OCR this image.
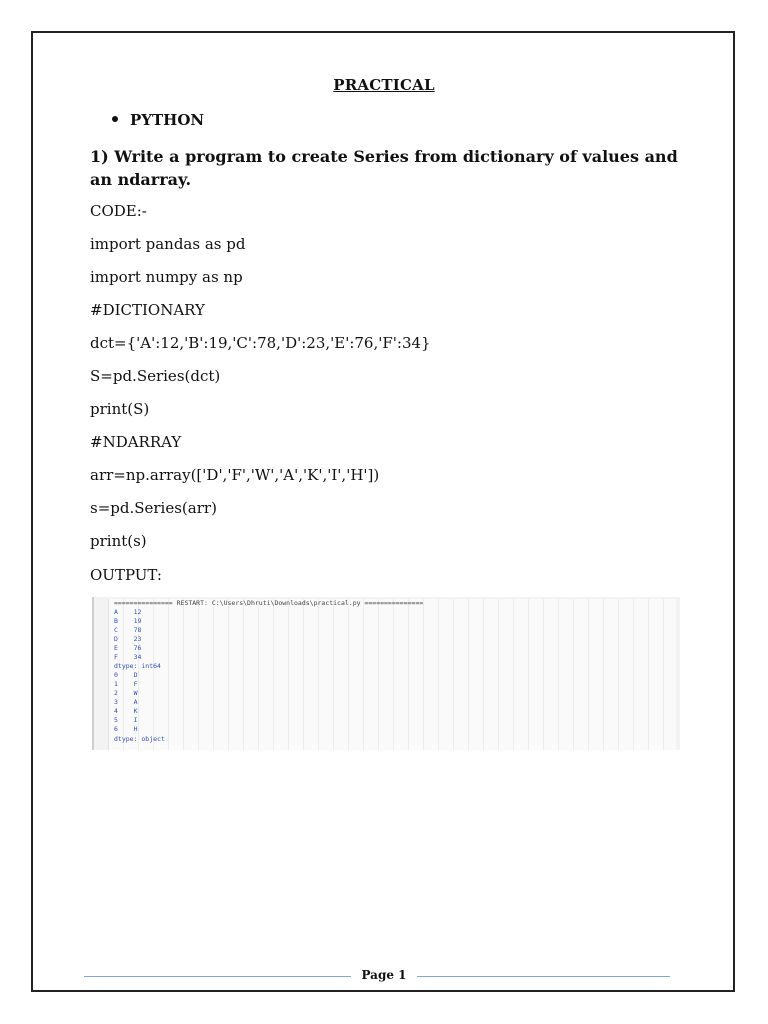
PRACTICAL
PYTHON
1) Write a program to create Series from dictionary of values and an ndarray.
CODE:-
import pandas as pd
import numpy as np
#DICTIONARY
dct={'A':12,'B':19,'C':78,'D':23,'E':76,'F':34}
S=pd.Series(dct)
print(S)
#NDARRAY
arr=np.array(['D','F','W','A','K','I','H'])
s=pd.Series(arr)
print(s)
OUTPUT:
=============== RESTART: C:\Users\Dhruti\Downloads\practical.py ===============
A    12
B    19
C    78
D    23
E    76
F    34
dtype: int64
0    D
1    F
2    W
3    A
4    K
5    I
6    H
dtype: object
Page 1
